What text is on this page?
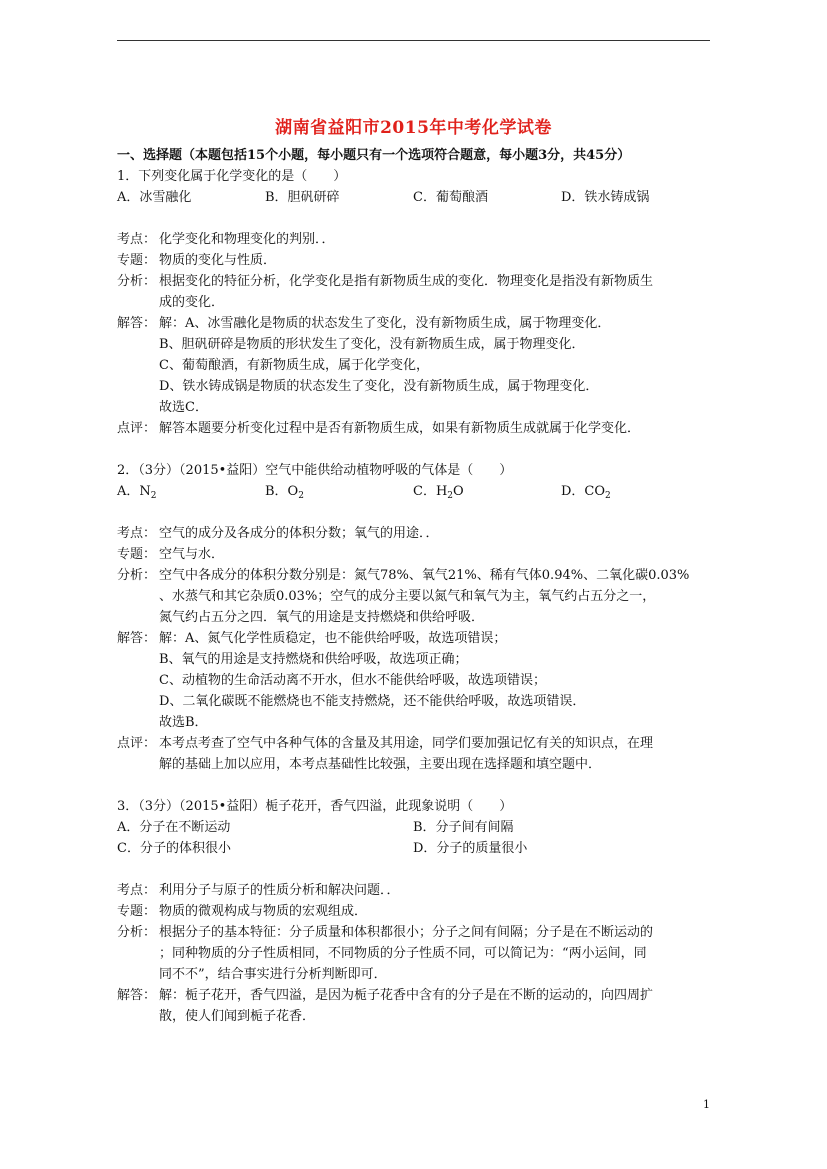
湖南省益阳市2015年中考化学试卷
一、选择题（本题包括15个小题，每小题只有一个选项符合题意，每小题3分，共45分）
1．下列变化属于化学变化的是（　　）
A．冰雪融化	B．胆矾研碎	C．葡萄酿酒	D．铁水铸成锅
考点： 化学变化和物理变化的判别．．
专题： 物质的变化与性质．
分析： 根据变化的特征分析，化学变化是指有新物质生成的变化．物理变化是指没有新物质生
成的变化．
解答： 解：A、冰雪融化是物质的状态发生了变化，没有新物质生成，属于物理变化．
B、胆矾研碎是物质的形状发生了变化，没有新物质生成，属于物理变化．
C、葡萄酿酒，有新物质生成，属于化学变化，
D、铁水铸成锅是物质的状态发生了变化，没有新物质生成，属于物理变化．
故选C．
点评： 解答本题要分析变化过程中是否有新物质生成，如果有新物质生成就属于化学变化．
2．（3分）（2015•益阳）空气中能供给动植物呼吸的气体是（　　）
A．$N_2$	B．$O_2$	C．$H_2O$	D．$CO_2$
考点： 空气的成分及各成分的体积分数；氧气的用途．．
专题： 空气与水．
分析： 空气中各成分的体积分数分别是：氮气78%、氧气21%、稀有气体0.94%、二氧化碳0.03%
、水蒸气和其它杂质0.03%；空气的成分主要以氮气和氧气为主，氧气约占五分之一，
氮气约占五分之四．氧气的用途是支持燃烧和供给呼吸．
解答： 解：A、氮气化学性质稳定，也不能供给呼吸，故选项错误；
B、氧气的用途是支持燃烧和供给呼吸，故选项正确；
C、动植物的生命活动离不开水，但水不能供给呼吸，故选项错误；
D、二氧化碳既不能燃烧也不能支持燃烧，还不能供给呼吸，故选项错误．
故选B．
点评： 本考点考查了空气中各种气体的含量及其用途，同学们要加强记忆有关的知识点，在理
解的基础上加以应用，本考点基础性比较强，主要出现在选择题和填空题中．
3．（3分）（2015•益阳）栀子花开，香气四溢，此现象说明（　　）
A．分子在不断运动	B．分子间有间隔
C．分子的体积很小	D．分子的质量很小
考点： 利用分子与原子的性质分析和解决问题．．
专题： 物质的微观构成与物质的宏观组成．
分析： 根据分子的基本特征：分子质量和体积都很小；分子之间有间隔；分子是在不断运动的
；同种物质的分子性质相同，不同物质的分子性质不同，可以简记为：“两小运间，同
同不不”，结合事实进行分析判断即可．
解答： 解：栀子花开，香气四溢，是因为栀子花香中含有的分子是在不断的运动的，向四周扩
散，使人们闻到栀子花香．
1
